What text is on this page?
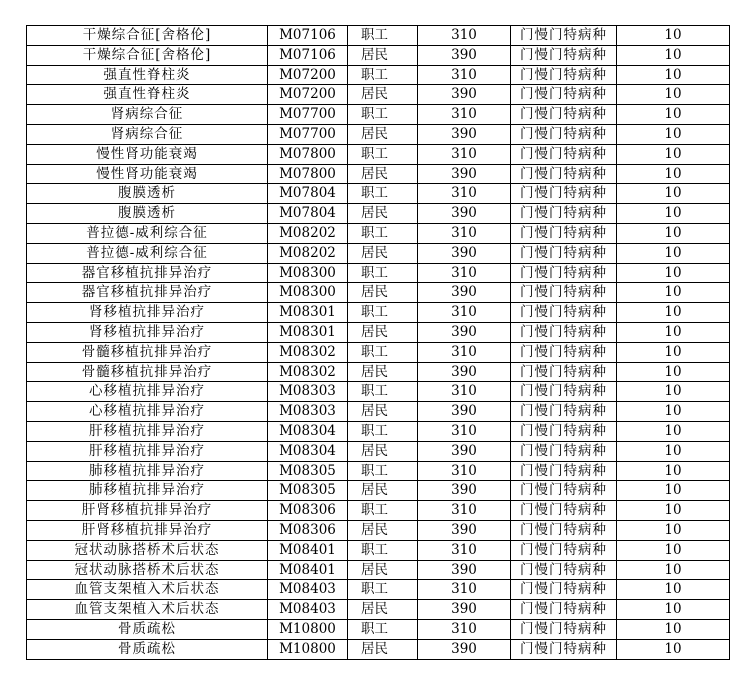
干燥综合征[舍格伦]	M07106	职工	310	门慢门特病种	10
干燥综合征[舍格伦]	M07106	居民	390	门慢门特病种	10
强直性脊柱炎	M07200	职工	310	门慢门特病种	10
强直性脊柱炎	M07200	居民	390	门慢门特病种	10
肾病综合征	M07700	职工	310	门慢门特病种	10
肾病综合征	M07700	居民	390	门慢门特病种	10
慢性肾功能衰竭	M07800	职工	310	门慢门特病种	10
慢性肾功能衰竭	M07800	居民	390	门慢门特病种	10
腹膜透析	M07804	职工	310	门慢门特病种	10
腹膜透析	M07804	居民	390	门慢门特病种	10
普拉德-威利综合征	M08202	职工	310	门慢门特病种	10
普拉德-威利综合征	M08202	居民	390	门慢门特病种	10
器官移植抗排异治疗	M08300	职工	310	门慢门特病种	10
器官移植抗排异治疗	M08300	居民	390	门慢门特病种	10
肾移植抗排异治疗	M08301	职工	310	门慢门特病种	10
肾移植抗排异治疗	M08301	居民	390	门慢门特病种	10
骨髓移植抗排异治疗	M08302	职工	310	门慢门特病种	10
骨髓移植抗排异治疗	M08302	居民	390	门慢门特病种	10
心移植抗排异治疗	M08303	职工	310	门慢门特病种	10
心移植抗排异治疗	M08303	居民	390	门慢门特病种	10
肝移植抗排异治疗	M08304	职工	310	门慢门特病种	10
肝移植抗排异治疗	M08304	居民	390	门慢门特病种	10
肺移植抗排异治疗	M08305	职工	310	门慢门特病种	10
肺移植抗排异治疗	M08305	居民	390	门慢门特病种	10
肝肾移植抗排异治疗	M08306	职工	310	门慢门特病种	10
肝肾移植抗排异治疗	M08306	居民	390	门慢门特病种	10
冠状动脉搭桥术后状态	M08401	职工	310	门慢门特病种	10
冠状动脉搭桥术后状态	M08401	居民	390	门慢门特病种	10
血管支架植入术后状态	M08403	职工	310	门慢门特病种	10
血管支架植入术后状态	M08403	居民	390	门慢门特病种	10
骨质疏松	M10800	职工	310	门慢门特病种	10
骨质疏松	M10800	居民	390	门慢门特病种	10
